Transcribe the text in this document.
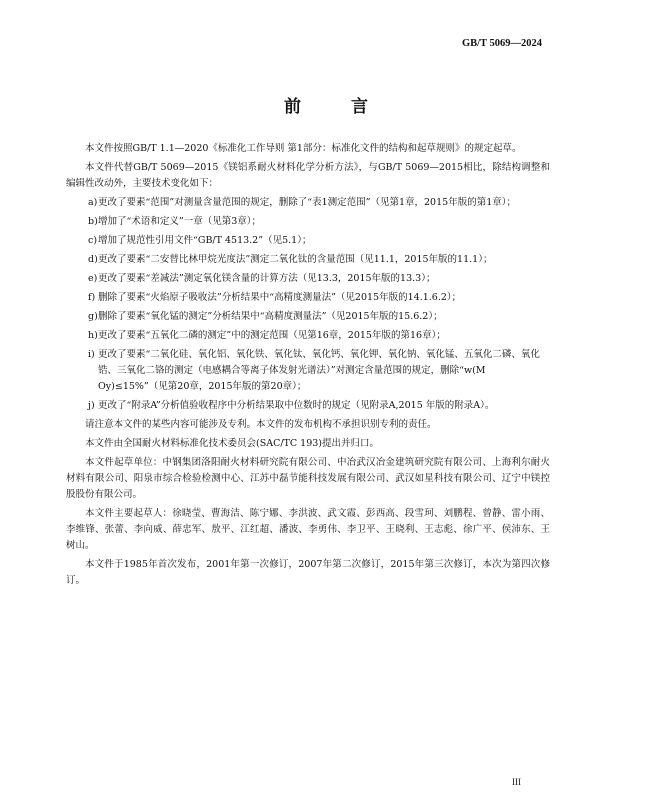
GB/T 5069—2024
前 言

本文件按照GB/T 1.1—2020《标准化工作导则 第1部分：标准化文件的结构和起草规则》的规定起草。

本文件代替GB/T 5069—2015《镁铝系耐火材料化学分析方法》，与GB/T 5069—2015相比，除结构调整和编辑性改动外，主要技术变化如下：

a) 更改了要素“范围”对测量含量范围的规定，删除了“表1测定范围”（见第1章，2015年版的第1章）；
b) 增加了“术语和定义”一章（见第3章）；
c) 增加了规范性引用文件“GB/T 4513.2”（见5.1）；
d) 更改了要素“二安替比林甲烷光度法”测定二氧化钛的含量范围（见11.1，2015年版的11.1）；
e) 更改了要素“差减法”测定氧化镁含量的计算方法（见13.3，2015年版的13.3）；
f) 删除了要素“火焰原子吸收法”分析结果中“高精度测量法”（见2015年版的14.1.6.2）；
g) 删除了要素“氧化锰的测定”分析结果中“高精度测量法”（见2015年版的15.6.2）；
h) 更改了要素“五氧化二磷的测定”中的测定范围（见第16章，2015年版的第16章）；
i) 更改了要素“二氧化硅、氧化铝、氧化铁、氧化钛、氧化钙、氧化钾、氧化钠、氧化锰、五氧化二磷、氧化锆、三氧化二铬的测定（电感耦合等离子体发射光谱法）”对测定含量范围的规定，删除“w(M Oy)≤15%”（见第20章，2015年版的第20章）；
j) 更改了“附录A”分析值验收程序中分析结果取中位数时的规定（见附录A,2015 年版的附录A）。

请注意本文件的某些内容可能涉及专利。本文件的发布机构不承担识别专利的责任。

本文件由全国耐火材料标准化技术委员会(SAC/TC 193)提出并归口。

本文件起草单位：中钢集团洛阳耐火材料研究院有限公司、中冶武汉冶金建筑研究院有限公司、上海利尔耐火材料有限公司、阳泉市综合检验检测中心、江苏中磊节能科技发展有限公司、武汉如星科技有限公司、辽宁中镁控股股份有限公司。

本文件主要起草人：徐晓莹、曹海洁、陈宁娜、李洪波、武文霞、彭西高、段雪珂、刘鹏程、曾静、雷小雨、李维锋、张蕾、李向威、薛忠军、敖平、江红超、潘波、李勇伟、李卫平、王晓利、王志彪、徐广平、侯沛东、王树山。

本文件于1985年首次发布，2001年第一次修订，2007年第二次修订，2015年第三次修订，本次为第四次修订。

III
